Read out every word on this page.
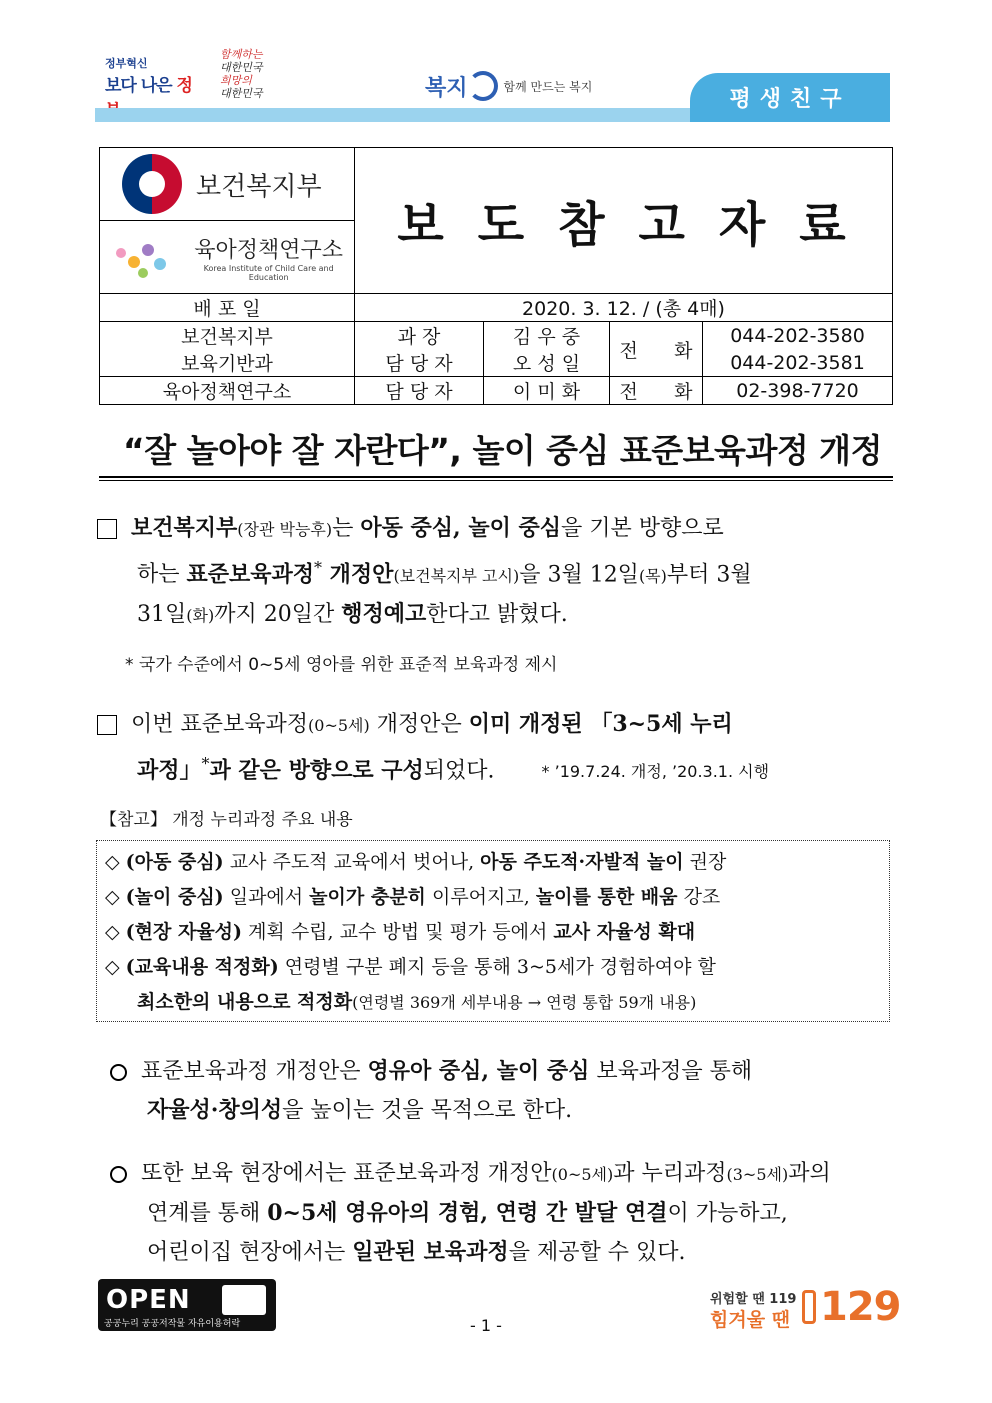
정부혁신
보다 나은 정
함께하는
대한민국
희망의
대한민국	복지	함께 만드는 복지
평생친구
보건복지부	보도참고자료			

육아정책연구소
Korea Institute of Child Care and Education				

배 포 일	2020. 3. 12. / (총 4매)			
보건복지부	과 장	김 우 중	전      화	044-202-3580
보육기반과	담 당 자	오 성 일		044-202-3581
육아정책연구소	담 당 자	이 미 화	전      화	02-398-7720
“잘 놀아야 잘 자란다”, 놀이 중심 표준보육과정 개정
보건복지부(장관 박능후)는 아동 중심, 놀이 중심을 기본 방향으로
하는 표준보육과정* 개정안(보건복지부 고시)을 3월 12일(목)부터 3월
31일(화)까지 20일간 행정예고한다고 밝혔다.
* 국가 수준에서 0~5세 영아를 위한 표준적 보육과정 제시
이번 표준보육과정(0~5세) 개정안은 이미 개정된 「3~5세 누리
과정」*과 같은 방향으로 구성되었다.	* ’19.7.24. 개정, ’20.3.1. 시행
【참고】 개정 누리과정 주요 내용
◇ (아동 중심) 교사 주도적 교육에서 벗어나, 아동 주도적·자발적 놀이 권장
◇ (놀이 중심) 일과에서 놀이가 충분히 이루어지고, 놀이를 통한 배움 강조
◇ (현장 자율성) 계획 수립, 교수 방법 및 평가 등에서 교사 자율성 확대
◇ (교육내용 적정화) 연령별 구분 폐지 등을 통해 3~5세가 경험하여야 할
최소한의 내용으로 적정화(연령별 369개 세부내용 → 연령 통합 59개 내용)
표준보육과정 개정안은 영유아 중심, 놀이 중심 보육과정을 통해
자율성·창의성을 높이는 것을 목적으로 한다.
또한 보육 현장에서는 표준보육과정 개정안(0~5세)과 누리과정(3~5세)과의
연계를 통해 0~5세 영유아의 경험, 연령 간 발달 연결이 가능하고,
어린이집 현장에서는 일관된 보육과정을 제공할 수 있다.
OPEN
공공누리 공공저작물 자유이용허락	- 1 -
위험할 땐 119
힘겨울 땐 129
